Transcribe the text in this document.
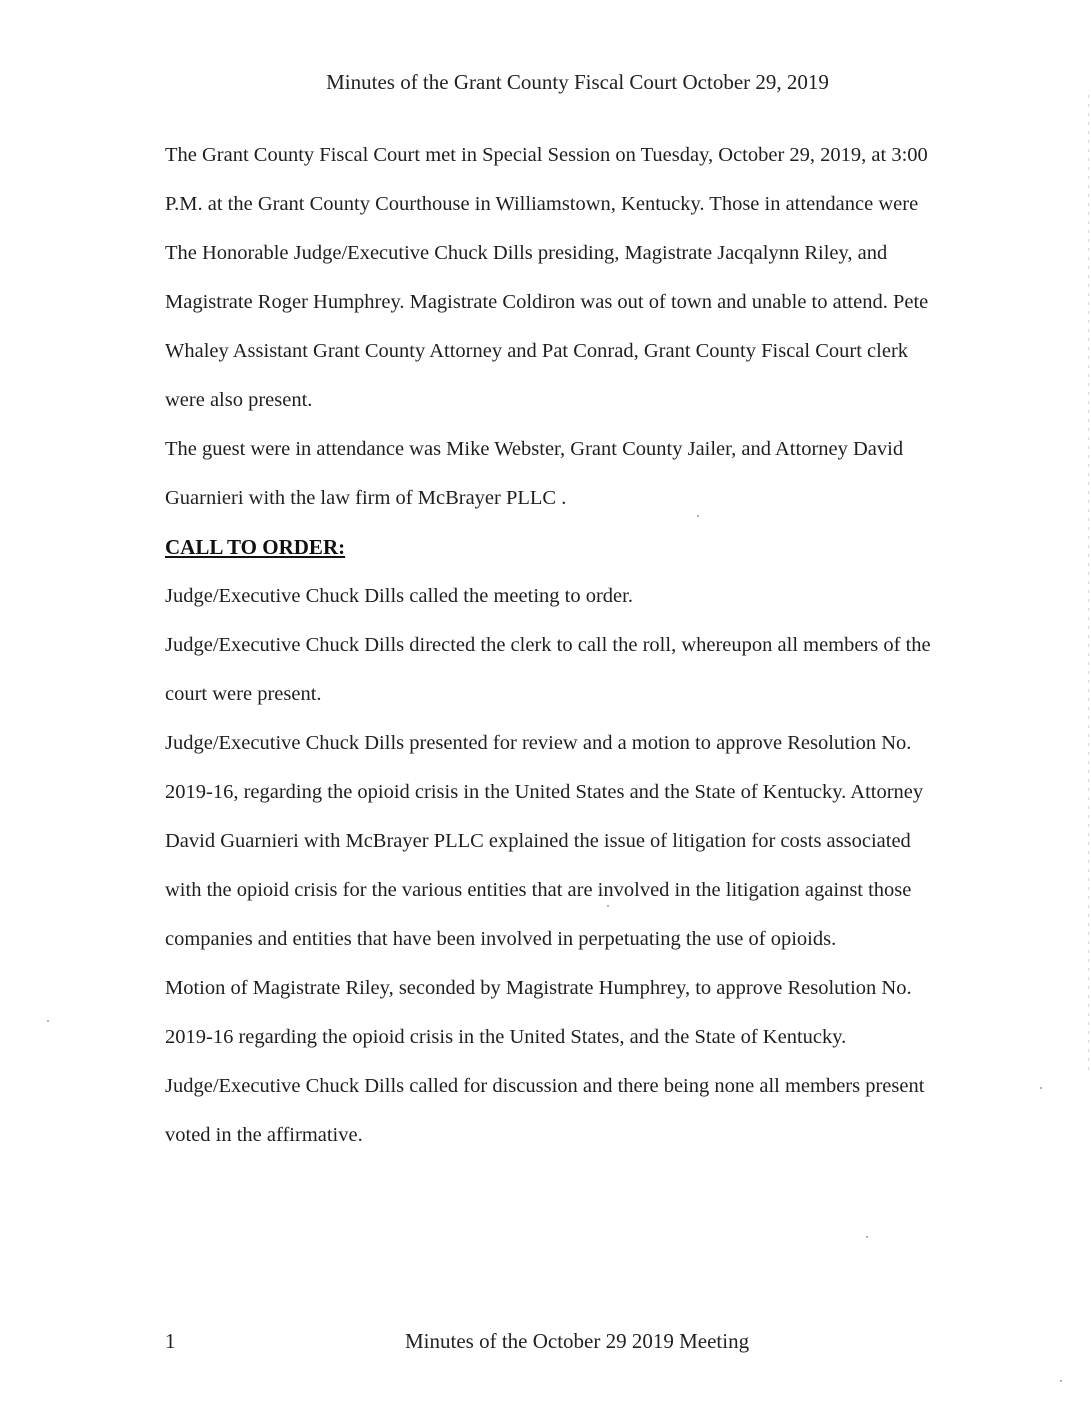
Minutes of the Grant County Fiscal Court October 29, 2019

The Grant County Fiscal Court met in Special Session on Tuesday, October 29, 2019, at 3:00 P.M. at the Grant County Courthouse in Williamstown, Kentucky. Those in attendance were The Honorable Judge/Executive Chuck Dills presiding, Magistrate Jacqalynn Riley, and Magistrate Roger Humphrey. Magistrate Coldiron was out of town and unable to attend. Pete Whaley Assistant Grant County Attorney and Pat Conrad, Grant County Fiscal Court clerk were also present.

The guest were in attendance was Mike Webster, Grant County Jailer, and Attorney David Guarnieri with the law firm of McBrayer PLLC .

CALL TO ORDER:

Judge/Executive Chuck Dills called the meeting to order.

Judge/Executive Chuck Dills directed the clerk to call the roll, whereupon all members of the court were present.

Judge/Executive Chuck Dills presented for review and a motion to approve Resolution No. 2019-16, regarding the opioid crisis in the United States and the State of Kentucky. Attorney David Guarnieri with McBrayer PLLC explained the issue of litigation for costs associated with the opioid crisis for the various entities that are involved in the litigation against those companies and entities that have been involved in perpetuating the use of opioids.

Motion of Magistrate Riley, seconded by Magistrate Humphrey, to approve Resolution No. 2019-16 regarding the opioid crisis in the United States, and the State of Kentucky.

Judge/Executive Chuck Dills called for discussion and there being none all members present voted in the affirmative.

1	Minutes of the October 29 2019 Meeting
